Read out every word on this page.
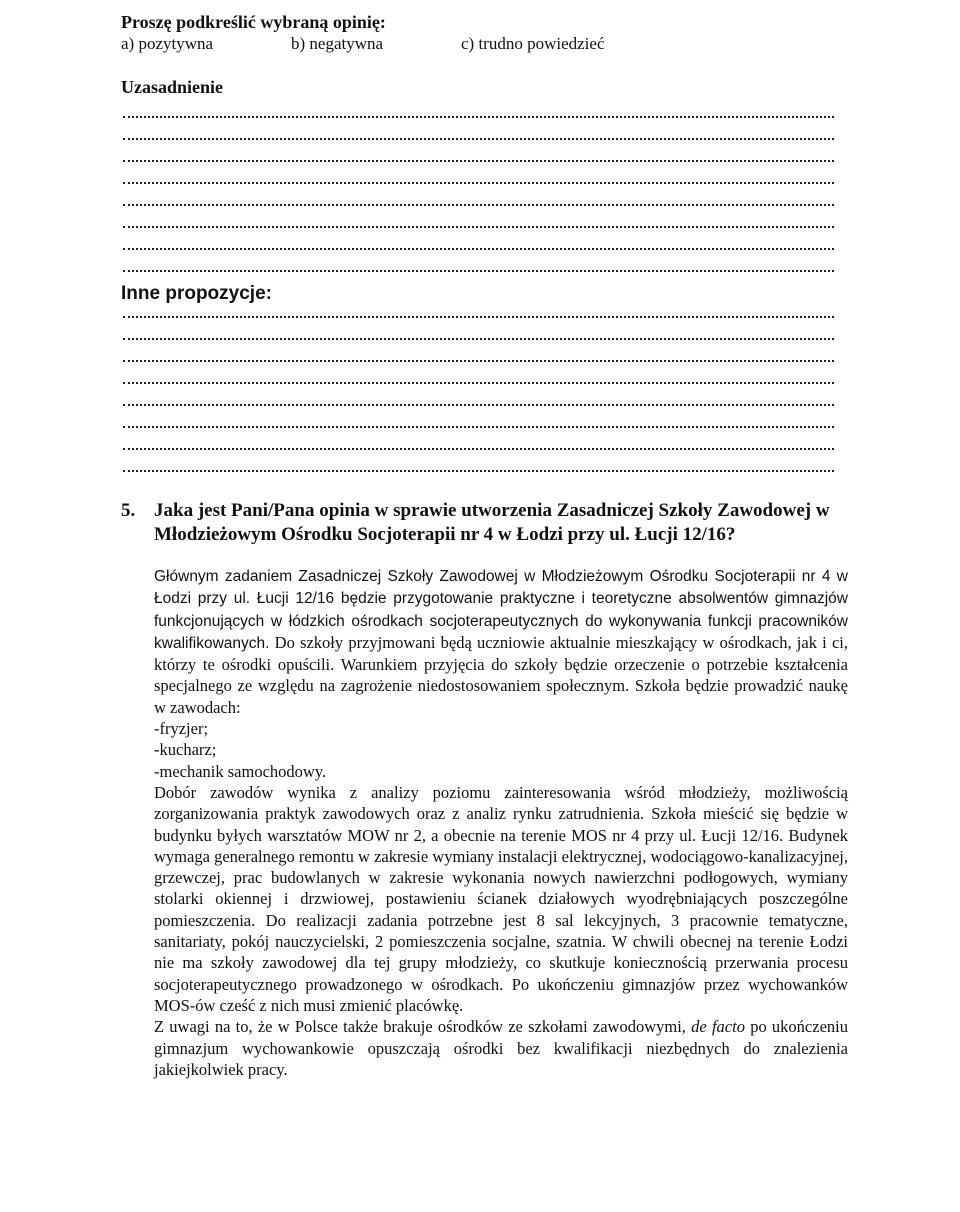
Proszę podkreślić wybraną opinię:
a) pozytywna	b) negatywna	c) trudno powiedzieć
Uzasadnienie
Inne propozycje:
5. Jaka jest Pani/Pana opinia w sprawie utworzenia Zasadniczej Szkoły Zawodowej w Młodzieżowym Ośrodku Socjoterapii nr 4 w Łodzi przy ul. Łucji 12/16?

Głównym zadaniem Zasadniczej Szkoły Zawodowej w Młodzieżowym Ośrodku Socjoterapii nr 4 w Łodzi przy ul. Łucji 12/16 będzie przygotowanie praktyczne i teoretyczne absolwentów gimnazjów funkcjonujących w łódzkich ośrodkach socjoterapeutycznych do wykonywania funkcji pracowników kwalifikowanych. Do szkoły przyjmowani będą uczniowie aktualnie mieszkający w ośrodkach, jak i ci, którzy te ośrodki opuścili. Warunkiem przyjęcia do szkoły będzie orzeczenie o potrzebie kształcenia specjalnego ze względu na zagrożenie niedostosowaniem społecznym. Szkoła będzie prowadzić naukę w zawodach:

-fryzjer;

-kucharz;

-mechanik samochodowy.

Dobór zawodów wynika z analizy poziomu zainteresowania wśród młodzieży, możliwością zorganizowania praktyk zawodowych oraz z analiz rynku zatrudnienia. Szkoła mieścić się będzie w budynku byłych warsztatów MOW nr 2, a obecnie na terenie MOS nr 4 przy ul. Łucji 12/16. Budynek wymaga generalnego remontu w zakresie wymiany instalacji elektrycznej, wodociągowo-kanalizacyjnej, grzewczej, prac budowlanych w zakresie wykonania nowych nawierzchni podłogowych, wymiany stolarki okiennej i drzwiowej, postawieniu ścianek działowych wyodrębniających poszczególne pomieszczenia. Do realizacji zadania potrzebne jest 8 sal lekcyjnych, 3 pracownie tematyczne, sanitariaty, pokój nauczycielski, 2 pomieszczenia socjalne, szatnia. W chwili obecnej na terenie Łodzi nie ma szkoły zawodowej dla tej grupy młodzieży, co skutkuje koniecznością przerwania procesu socjoterapeutycznego prowadzonego w ośrodkach. Po ukończeniu gimnazjów przez wychowanków MOS-ów cześć z nich musi zmienić placówkę.

Z uwagi na to, że w Polsce także brakuje ośrodków ze szkołami zawodowymi, de facto po ukończeniu gimnazjum wychowankowie opuszczają ośrodki bez kwalifikacji niezbędnych do znalezienia jakiejkolwiek pracy.
